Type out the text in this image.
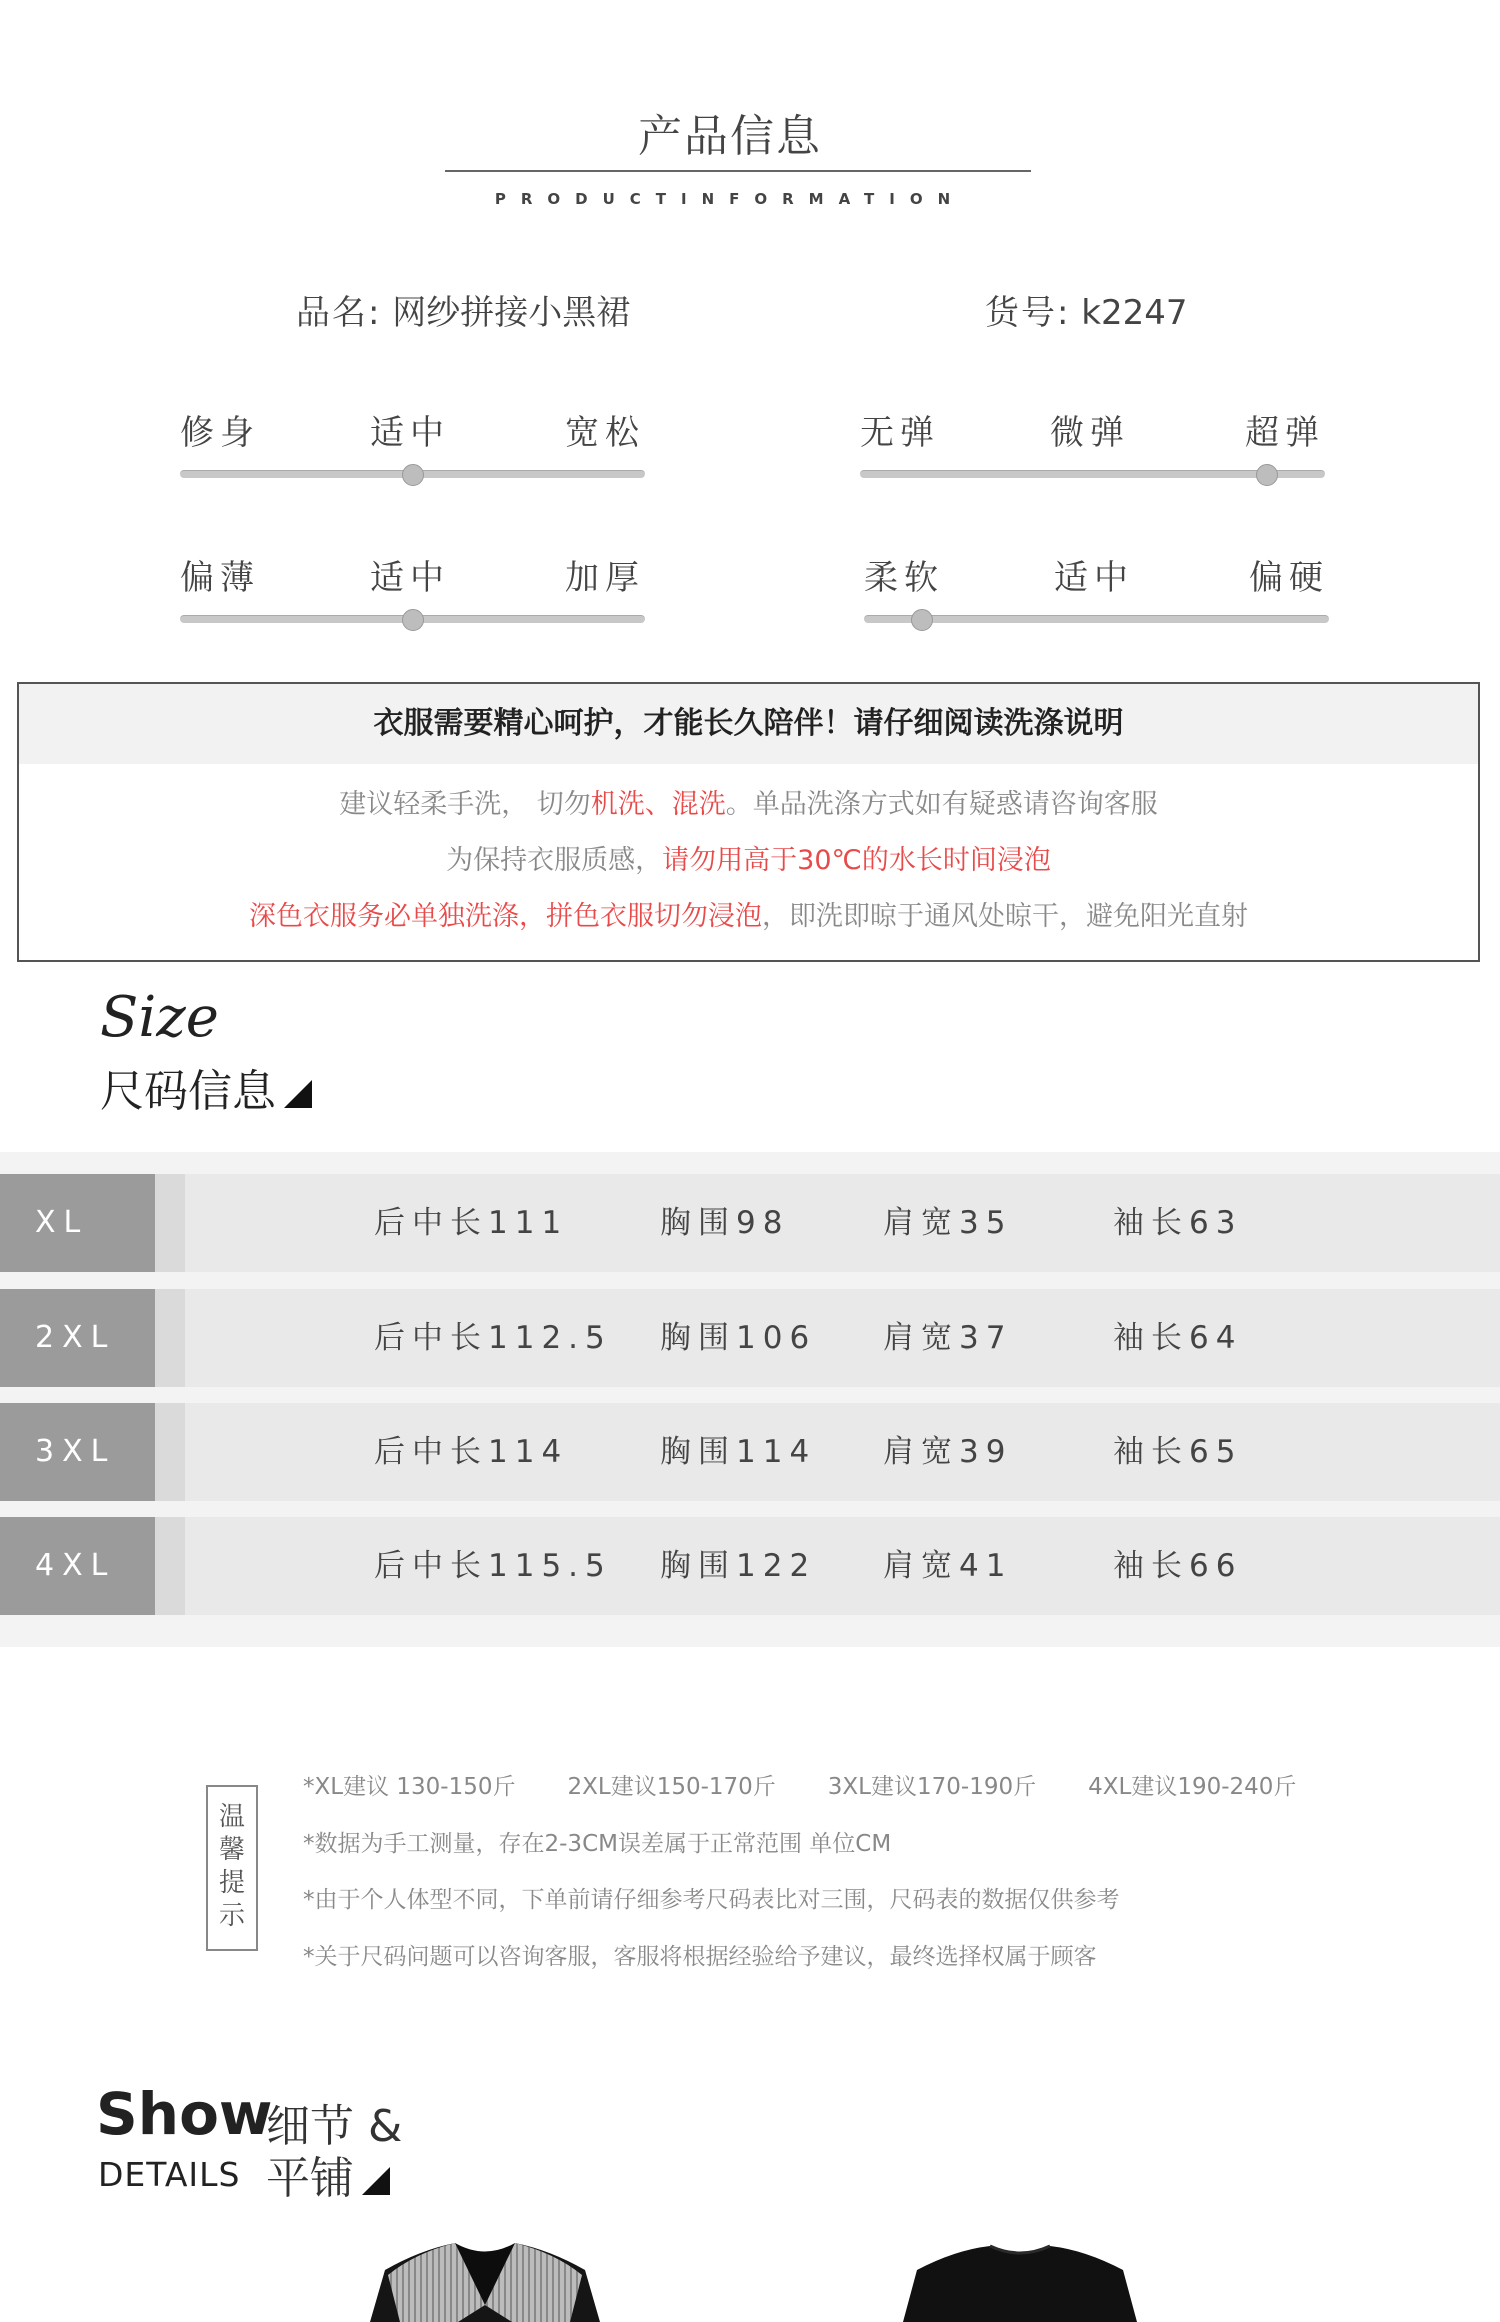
产品信息
PRODUCTINFORMATION
品名: 网纱拼接小黑裙	货号: k2247
修身	适中	宽松	无弹	微弹	超弹
偏薄	适中	加厚	柔软	适中	偏硬
衣服需要精心呵护，才能长久陪伴！请仔细阅读洗涤说明
建议轻柔手洗， 切勿机洗、混洗。单品洗涤方式如有疑惑请咨询客服
为保持衣服质感，请勿用高于30℃的水长时间浸泡
深色衣服务必单独洗涤，拼色衣服切勿浸泡，即洗即晾于通风处晾干，避免阳光直射
Size
尺码信息
XL	后中长111	胸围98	肩宽35	袖长63
2XL	后中长112.5 胸围106 肩宽37	袖长64
3XL	后中长114	胸围114 肩宽39	袖长65
4XL	后中长115.5 胸围122 肩宽41	袖长66
温馨提示
*XL建议 130-150斤 2XL建议150-170斤 3XL建议170-190斤 4XL建议190-240斤
*数据为手工测量，存在2-3CM误差属于正常范围 单位CM
*由于个人体型不同，下单前请仔细参考尺码表比对三围，尺码表的数据仅供参考
*关于尺码问题可以咨询客服，客服将根据经验给予建议，最终选择权属于顾客
Show
细节 &
DETAILS 平铺
